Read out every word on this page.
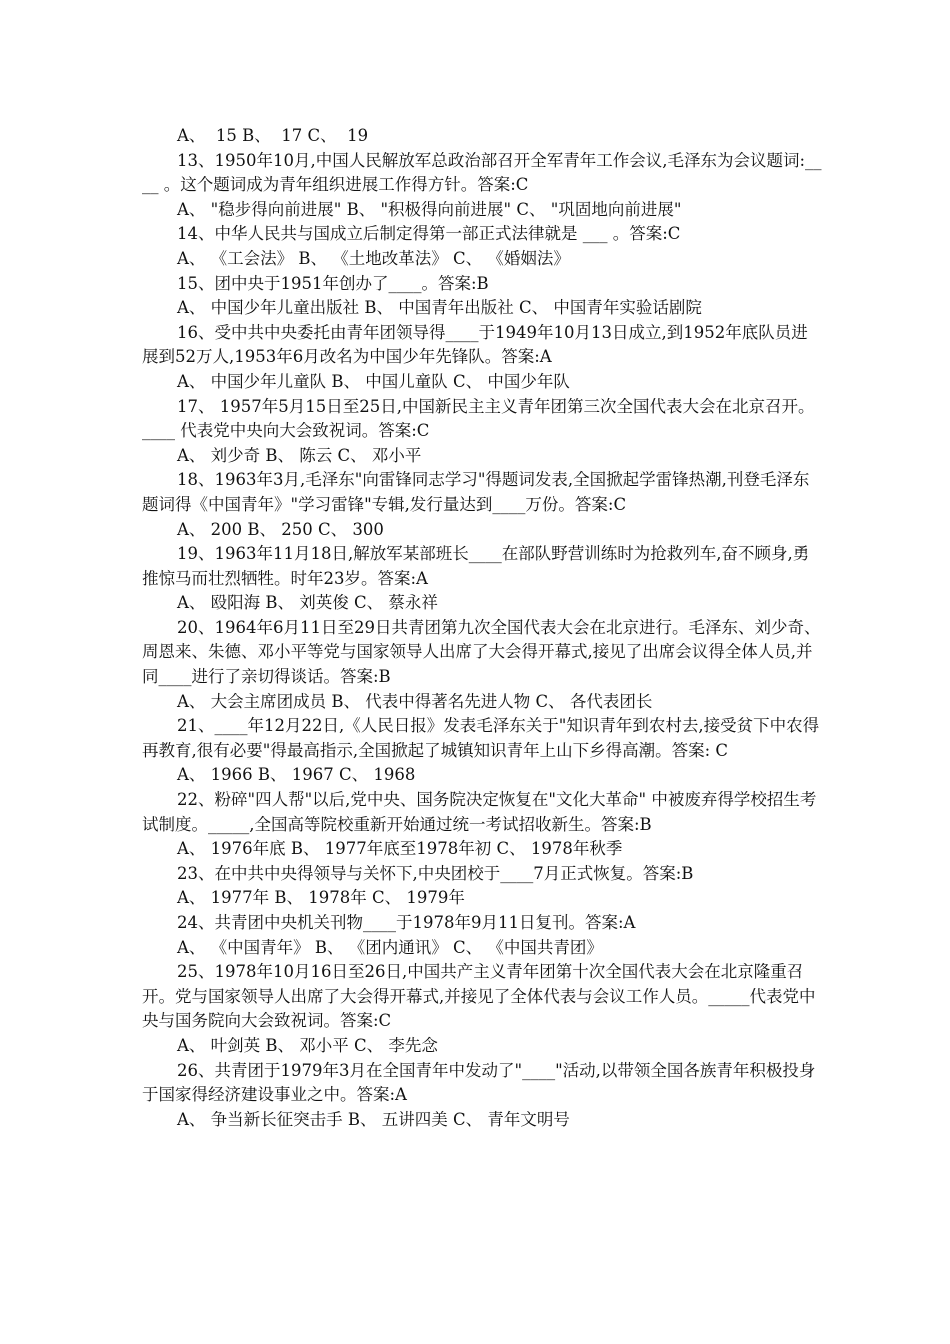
A、  15 B、  17 C、  19

13、1950年10月,中国人民解放军总政治部召开全军青年工作会议,毛泽东为会议题词:____ 。这个题词成为青年组织进展工作得方针。答案:C

A、 "稳步得向前进展" B、 "积极得向前进展" C、 "巩固地向前进展"

14、中华人民共与国成立后制定得第一部正式法律就是 ___ 。答案:C

A、 《工会法》 B、 《土地改革法》 C、 《婚姻法》

15、团中央于1951年创办了____。答案:B

A、 中国少年儿童出版社 B、 中国青年出版社 C、 中国青年实验话剧院

16、受中共中央委托由青年团领导得____于1949年10月13日成立,到1952年底队员进展到52万人,1953年6月改名为中国少年先锋队。答案:A

A、 中国少年儿童队 B、 中国儿童队 C、 中国少年队

17、 1957年5月15日至25日,中国新民主主义青年团第三次全国代表大会在北京召开。____ 代表党中央向大会致祝词。答案:C

A、 刘少奇 B、 陈云 C、 邓小平

18、1963年3月,毛泽东"向雷锋同志学习"得题词发表,全国掀起学雷锋热潮,刊登毛泽东题词得《中国青年》"学习雷锋"专辑,发行量达到____万份。答案:C

A、 200 B、 250 C、 300

19、1963年11月18日,解放军某部班长____在部队野营训练时为抢救列车,奋不顾身,勇推惊马而壮烈牺牲。时年23岁。答案:A

A、 殴阳海 B、 刘英俊 C、 蔡永祥

20、1964年6月11日至29日共青团第九次全国代表大会在北京进行。毛泽东、刘少奇、周恩来、朱德、邓小平等党与国家领导人出席了大会得开幕式,接见了出席会议得全体人员,并同____进行了亲切得谈话。答案:B

A、 大会主席团成员 B、 代表中得著名先进人物 C、 各代表团长

21、____年12月22日,《人民日报》发表毛泽东关于"知识青年到农村去,接受贫下中农得再教育,很有必要"得最高指示,全国掀起了城镇知识青年上山下乡得高潮。答案: C

A、 1966 B、 1967 C、 1968

22、粉碎"四人帮"以后,党中央、国务院决定恢复在"文化大革命" 中被废弃得学校招生考试制度。_____,全国高等院校重新开始通过统一考试招收新生。答案:B

A、 1976年底 B、 1977年底至1978年初 C、 1978年秋季

23、在中共中央得领导与关怀下,中央团校于____7月正式恢复。答案:B

A、 1977年 B、 1978年 C、 1979年

24、共青团中央机关刊物____于1978年9月11日复刊。答案:A

A、 《中国青年》 B、 《团内通讯》 C、 《中国共青团》

25、1978年10月16日至26日,中国共产主义青年团第十次全国代表大会在北京隆重召开。党与国家领导人出席了大会得开幕式,并接见了全体代表与会议工作人员。_____代表党中央与国务院向大会致祝词。答案:C

A、 叶剑英 B、 邓小平 C、 李先念

26、共青团于1979年3月在全国青年中发动了"____"活动,以带领全国各族青年积极投身于国家得经济建设事业之中。答案:A

A、 争当新长征突击手 B、 五讲四美 C、 青年文明号
